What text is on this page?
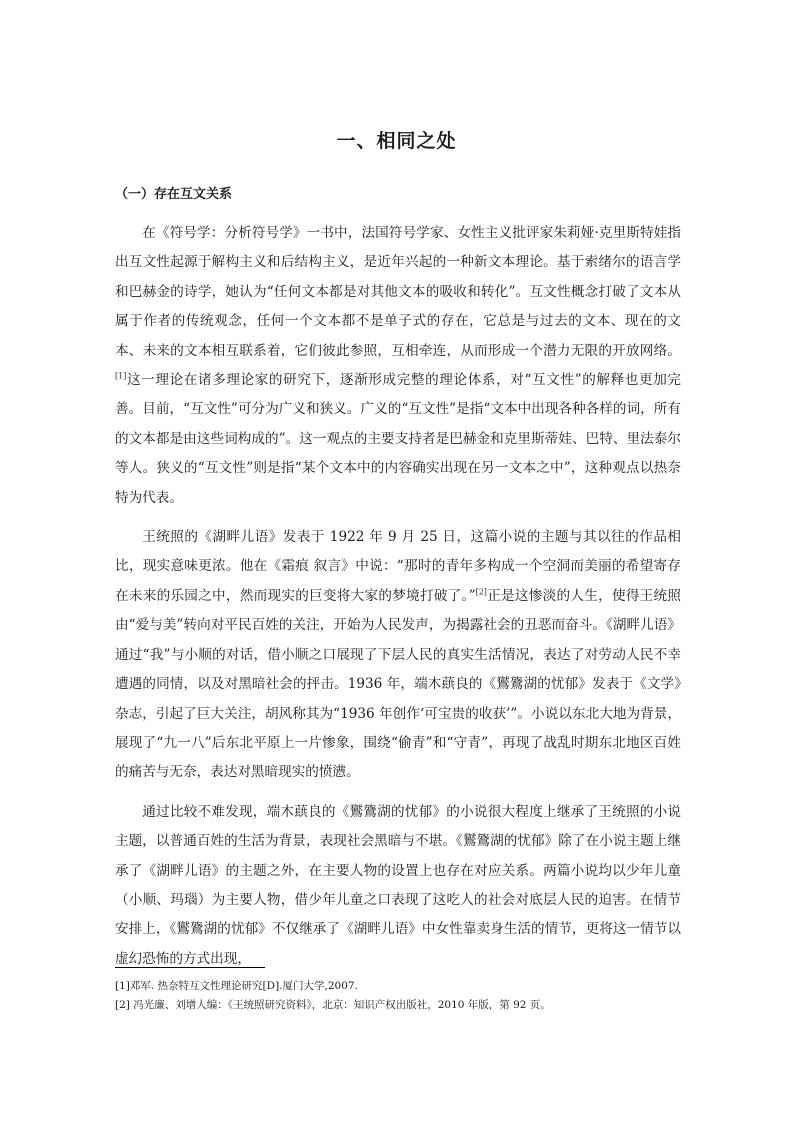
一、相同之处
（一）存在互文关系

在《符号学：分析符号学》一书中，法国符号学家、女性主义批评家朱莉娅·克里斯特娃指出互文性起源于解构主义和后结构主义，是近年兴起的一种新文本理论。基于索绪尔的语言学和巴赫金的诗学，她认为“任何文本都是对其他文本的吸收和转化”。互文性概念打破了文本从属于作者的传统观念，任何一个文本都不是单子式的存在，它总是与过去的文本、现在的文本、未来的文本相互联系着，它们彼此参照，互相牵连，从而形成一个潜力无限的开放网络。[1]这一理论在诸多理论家的研究下，逐渐形成完整的理论体系，对“互文性”的解释也更加完善。目前，“互文性”可分为广义和狭义。广义的“互文性”是指“文本中出现各种各样的词，所有的文本都是由这些词构成的”。这一观点的主要支持者是巴赫金和克里斯蒂娃、巴特、里法泰尔等人。狭义的“互文性”则是指“某个文本中的内容确实出现在另一文本之中”，这种观点以热奈特为代表。

王统照的《湖畔儿语》发表于 1922 年 9 月 25 日，这篇小说的主题与其以往的作品相比，现实意味更浓。他在《霜痕 叙言》中说：“那时的青年多构成一个空洞而美丽的希望寄存在未来的乐园之中，然而现实的巨变将大家的梦境打破了。”[2]正是这惨淡的人生，使得王统照由“爱与美”转向对平民百姓的关注，开始为人民发声，为揭露社会的丑恶而奋斗。《湖畔儿语》通过“我”与小顺的对话，借小顺之口展现了下层人民的真实生活情况，表达了对劳动人民不幸遭遇的同情，以及对黑暗社会的抨击。1936 年，端木蕻良的《鸑鷟湖的忧郁》发表于《文学》杂志，引起了巨大关注，胡风称其为“1936 年创作‘可宝贵的收获’”。小说以东北大地为背景，展现了“九一八”后东北平原上一片惨象，围绕“偷青”和“守青”，再现了战乱时期东北地区百姓的痛苦与无奈，表达对黑暗现实的愤懑。

通过比较不难发现，端木蕻良的《鸑鷟湖的忧郁》的小说很大程度上继承了王统照的小说主题，以普通百姓的生活为背景，表现社会黑暗与不堪。《鸑鷟湖的忧郁》除了在小说主题上继承了《湖畔儿语》的主题之外，在主要人物的设置上也存在对应关系。两篇小说均以少年儿童（小顺、玛瑙）为主要人物，借少年儿童之口表现了这吃人的社会对底层人民的迫害。在情节安排上，《鸑鷟湖的忧郁》不仅继承了《湖畔儿语》中女性靠卖身生活的情节，更将这一情节以虚幻恐怖的方式出现，

[1]邓军. 热奈特互文性理论研究[D].厦门大学,2007.

[2] 冯光廉、刘增人编：《王统照研究资料》，北京：知识产权出版社，2010 年版，第 92 页。
